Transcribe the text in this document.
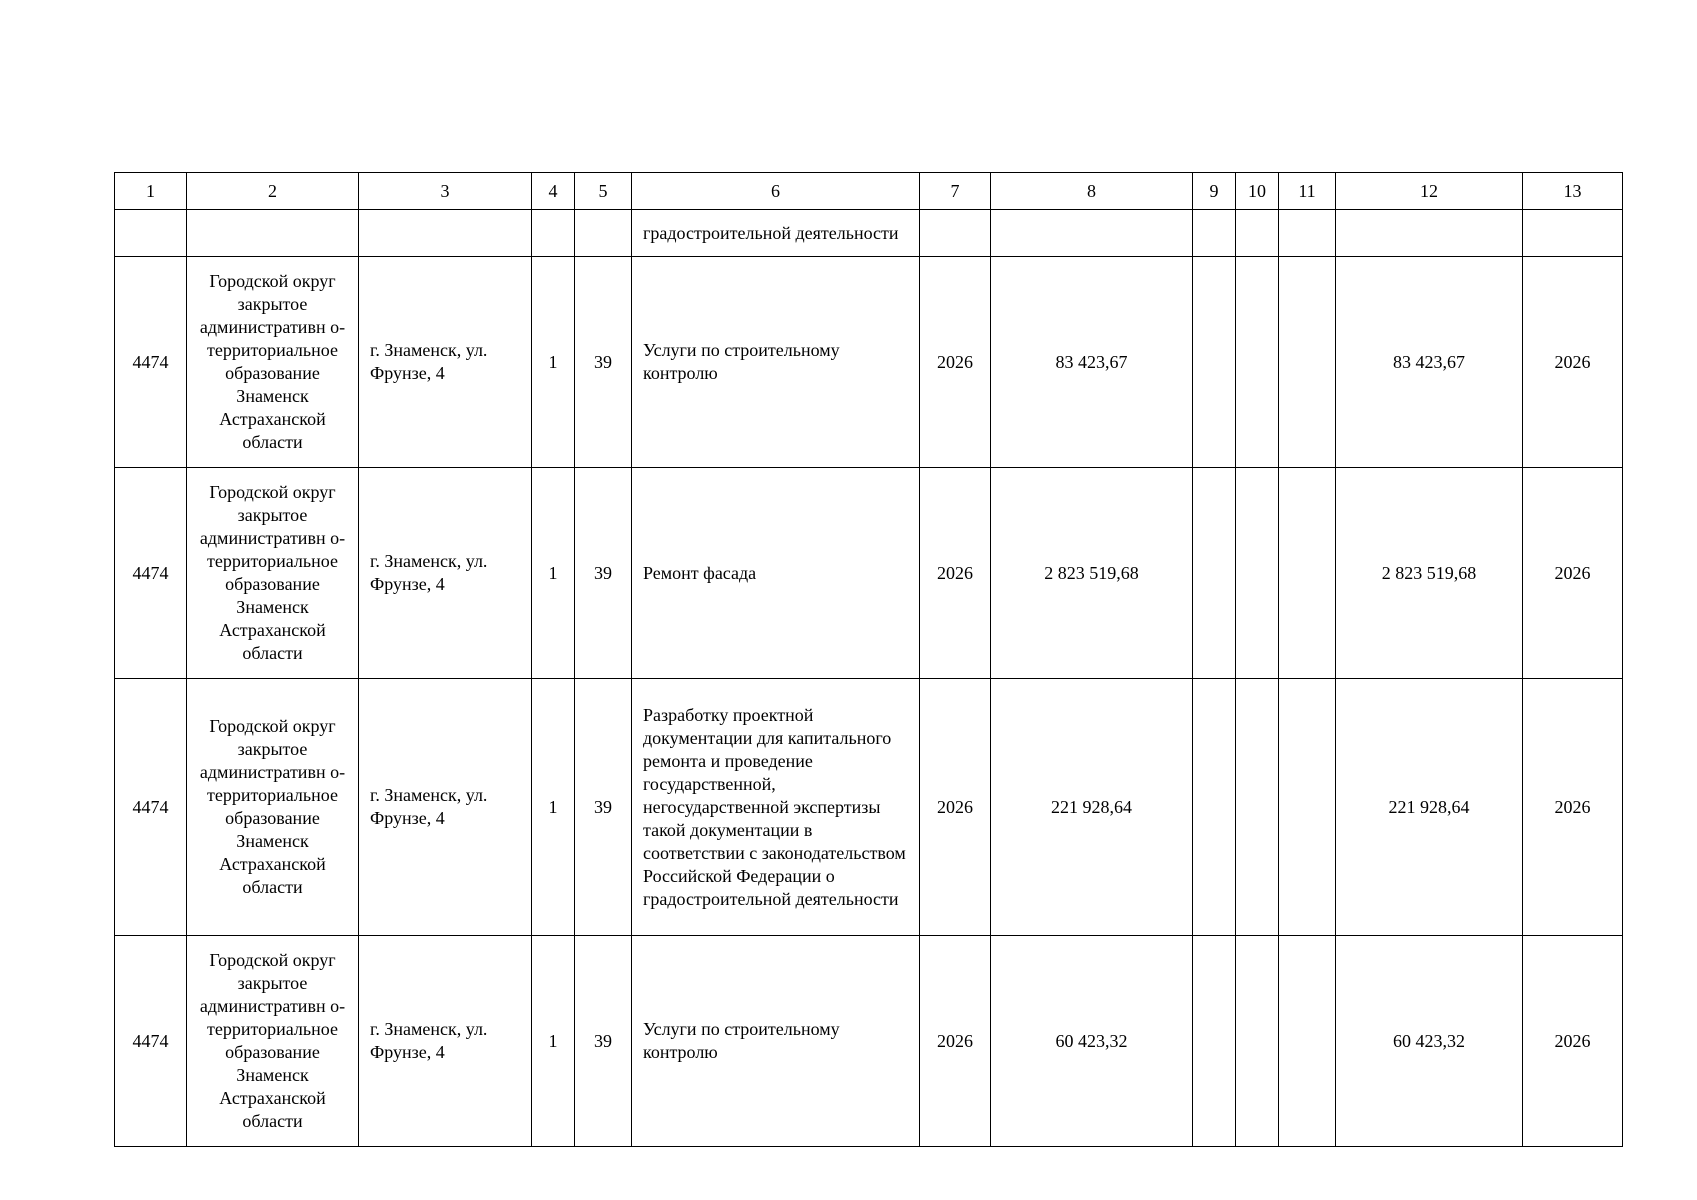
1	2	3	4	5	6	7	8	9	10	11	12	13
					градостроительной деятельности							
4474	Городской округ закрытое административн о-территориальное образование Знаменск Астраханской области	г. Знаменск, ул. Фрунзе, 4	1	39	Услуги по строительному контролю	2026	83 423,67				83 423,67	2026
4474	Городской округ закрытое административн о-территориальное образование Знаменск Астраханской области	г. Знаменск, ул. Фрунзе, 4	1	39	Ремонт фасада	2026	2 823 519,68				2 823 519,68	2026
4474	Городской округ закрытое административн о-территориальное образование Знаменск Астраханской области	г. Знаменск, ул. Фрунзе, 4	1	39	Разработку проектной документации для капитального ремонта и проведение государственной, негосударственной экспертизы такой документации в соответствии с законодательством Российской Федерации о градостроительной деятельности	2026	221 928,64				221 928,64	2026
4474	Городской округ закрытое административн о-территориальное образование Знаменск Астраханской области	г. Знаменск, ул. Фрунзе, 4	1	39	Услуги по строительному контролю	2026	60 423,32				60 423,32	2026
